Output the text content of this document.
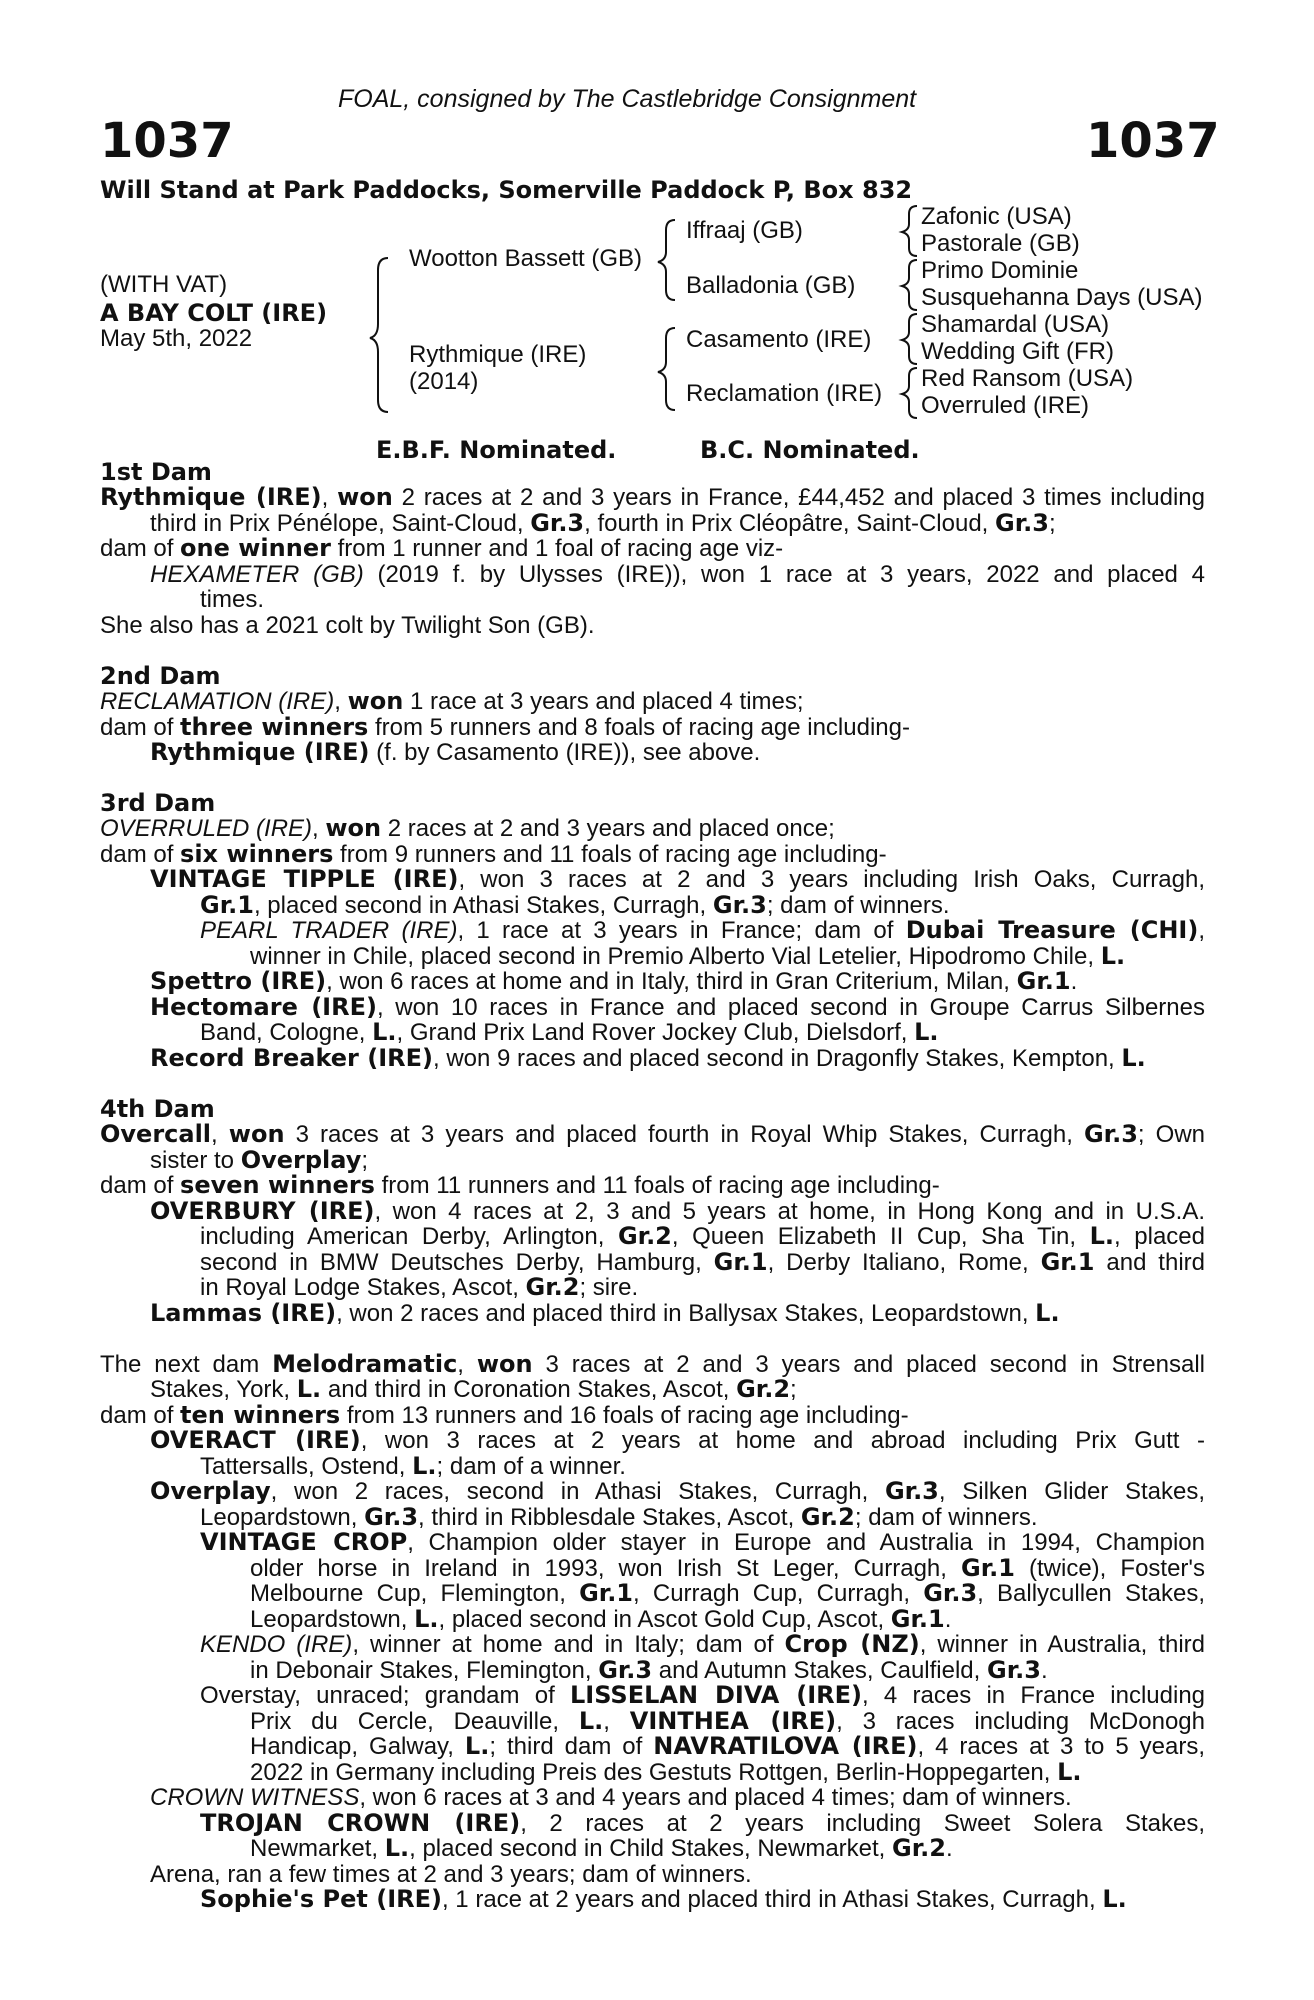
FOAL, consigned by The Castlebridge Consignment
1037	1037
Will Stand at Park Paddocks, Somerville Paddock P, Box 832
(WITH VAT)
A BAY COLT (IRE)
May 5th, 2022
Wootton Bassett (GB)
Rythmique (IRE)
(2014)
Iffraaj (GB)
Balladonia (GB)
Casamento (IRE)
Reclamation (IRE)
Zafonic (USA)
Pastorale (GB)
Primo Dominie
Susquehanna Days (USA)
Shamardal (USA)
Wedding Gift (FR)
Red Ransom (USA)
Overruled (IRE)
E.B.F. Nominated.	B.C. Nominated.
1st Dam
Rythmique (IRE), won 2 races at 2 and 3 years in France, £44,452 and placed 3 times including
third in Prix Pénélope, Saint-Cloud, Gr.3, fourth in Prix Cléopâtre, Saint-Cloud, Gr.3;
dam of one winner from 1 runner and 1 foal of racing age viz-
HEXAMETER (GB) (2019 f. by Ulysses (IRE)), won 1 race at 3 years, 2022 and placed 4
times.
She also has a 2021 colt by Twilight Son (GB).
2nd Dam
RECLAMATION (IRE), won 1 race at 3 years and placed 4 times;
dam of three winners from 5 runners and 8 foals of racing age including-
Rythmique (IRE) (f. by Casamento (IRE)), see above.
3rd Dam
OVERRULED (IRE), won 2 races at 2 and 3 years and placed once;
dam of six winners from 9 runners and 11 foals of racing age including-
VINTAGE TIPPLE (IRE), won 3 races at 2 and 3 years including Irish Oaks, Curragh,
Gr.1, placed second in Athasi Stakes, Curragh, Gr.3; dam of winners.
PEARL TRADER (IRE), 1 race at 3 years in France; dam of Dubai Treasure (CHI),
winner in Chile, placed second in Premio Alberto Vial Letelier, Hipodromo Chile, L.
Spettro (IRE), won 6 races at home and in Italy, third in Gran Criterium, Milan, Gr.1.
Hectomare (IRE), won 10 races in France and placed second in Groupe Carrus Silbernes
Band, Cologne, L., Grand Prix Land Rover Jockey Club, Dielsdorf, L.
Record Breaker (IRE), won 9 races and placed second in Dragonfly Stakes, Kempton, L.
4th Dam
Overcall, won 3 races at 3 years and placed fourth in Royal Whip Stakes, Curragh, Gr.3; Own
sister to Overplay;
dam of seven winners from 11 runners and 11 foals of racing age including-
OVERBURY (IRE), won 4 races at 2, 3 and 5 years at home, in Hong Kong and in U.S.A.
including American Derby, Arlington, Gr.2, Queen Elizabeth II Cup, Sha Tin, L., placed
second in BMW Deutsches Derby, Hamburg, Gr.1, Derby Italiano, Rome, Gr.1 and third
in Royal Lodge Stakes, Ascot, Gr.2; sire.
Lammas (IRE), won 2 races and placed third in Ballysax Stakes, Leopardstown, L.
The next dam Melodramatic, won 3 races at 2 and 3 years and placed second in Strensall
Stakes, York, L. and third in Coronation Stakes, Ascot, Gr.2;
dam of ten winners from 13 runners and 16 foals of racing age including-
OVERACT (IRE), won 3 races at 2 years at home and abroad including Prix Gutt -
Tattersalls, Ostend, L.; dam of a winner.
Overplay, won 2 races, second in Athasi Stakes, Curragh, Gr.3, Silken Glider Stakes,
Leopardstown, Gr.3, third in Ribblesdale Stakes, Ascot, Gr.2; dam of winners.
VINTAGE CROP, Champion older stayer in Europe and Australia in 1994, Champion
older horse in Ireland in 1993, won Irish St Leger, Curragh, Gr.1 (twice), Foster's
Melbourne Cup, Flemington, Gr.1, Curragh Cup, Curragh, Gr.3, Ballycullen Stakes,
Leopardstown, L., placed second in Ascot Gold Cup, Ascot, Gr.1.
KENDO (IRE), winner at home and in Italy; dam of Crop (NZ), winner in Australia, third
in Debonair Stakes, Flemington, Gr.3 and Autumn Stakes, Caulfield, Gr.3.
Overstay, unraced; grandam of LISSELAN DIVA (IRE), 4 races in France including
Prix du Cercle, Deauville, L., VINTHEA (IRE), 3 races including McDonogh
Handicap, Galway, L.; third dam of NAVRATILOVA (IRE), 4 races at 3 to 5 years,
2022 in Germany including Preis des Gestuts Rottgen, Berlin-Hoppegarten, L.
CROWN WITNESS, won 6 races at 3 and 4 years and placed 4 times; dam of winners.
TROJAN CROWN (IRE), 2 races at 2 years including Sweet Solera Stakes,
Newmarket, L., placed second in Child Stakes, Newmarket, Gr.2.
Arena, ran a few times at 2 and 3 years; dam of winners.
Sophie's Pet (IRE), 1 race at 2 years and placed third in Athasi Stakes, Curragh, L.
